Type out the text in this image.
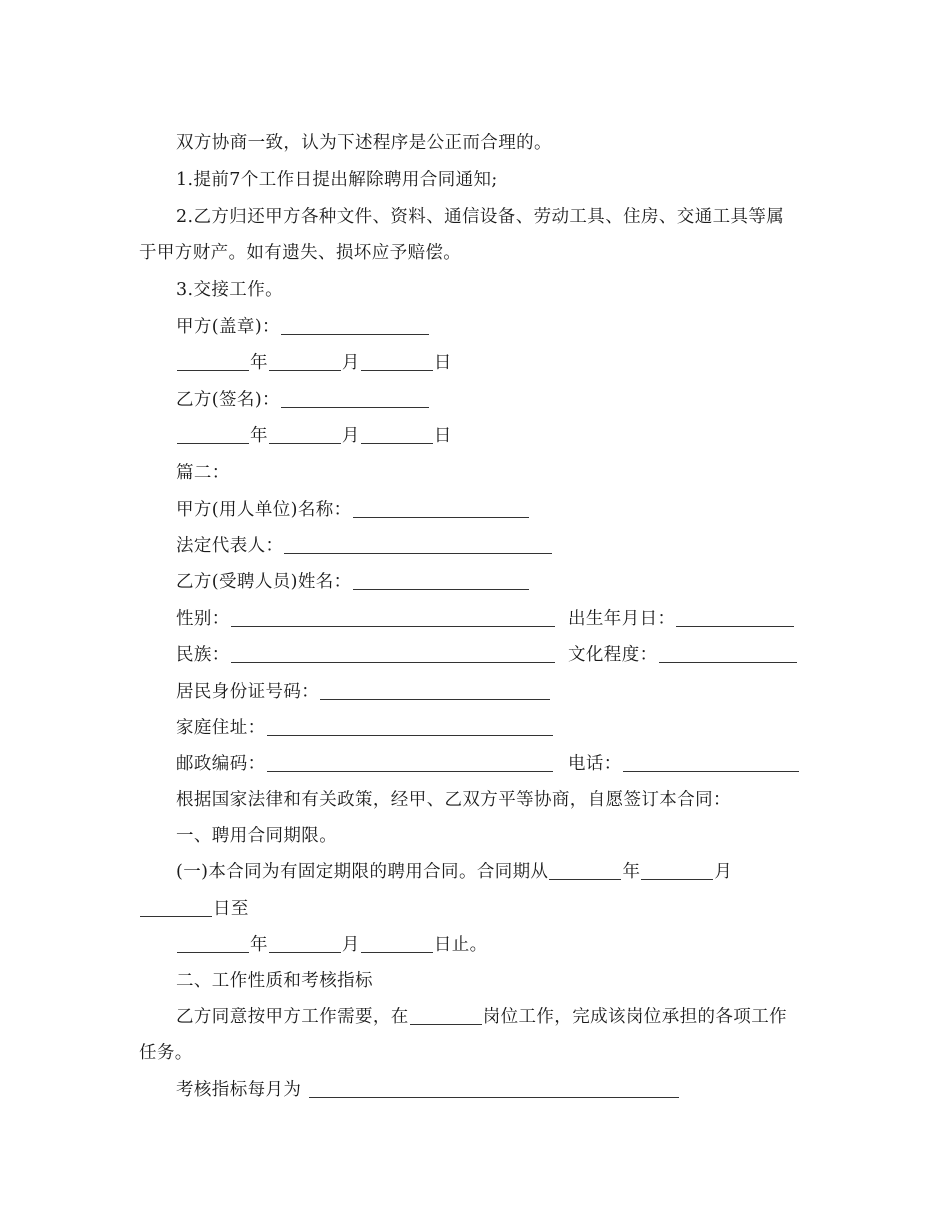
双方协商一致，认为下述程序是公正而合理的。
1.提前7个工作日提出解除聘用合同通知;
2.乙方归还甲方各种文件、资料、通信设备、劳动工具、住房、交通工具等属
于甲方财产。如有遗失、损坏应予赔偿。
3.交接工作。
甲方(盖章)：
年	月	日
乙方(签名)：
年	月	日
篇二：
甲方(用人单位)名称：
法定代表人：
乙方(受聘人员)姓名：
性别：	出生年月日：
民族：	文化程度：
居民身份证号码：
家庭住址：
邮政编码：	电话：
根据国家法律和有关政策，经甲、乙双方平等协商，自愿签订本合同：
一、聘用合同期限。
(一)本合同为有固定期限的聘用合同。合同期从	年	月
日至
年	月	日止。
二、工作性质和考核指标
乙方同意按甲方工作需要，在	岗位工作，完成该岗位承担的各项工作
任务。
考核指标每月为
